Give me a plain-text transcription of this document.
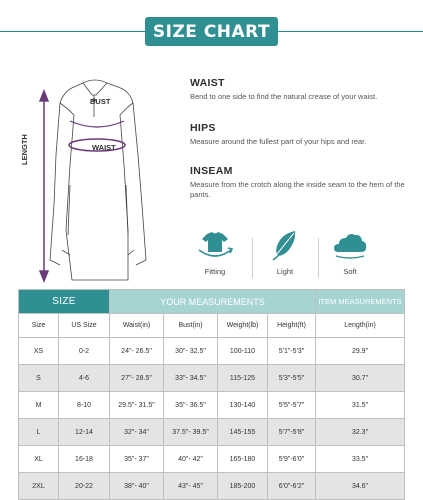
SIZE CHART
BUST
WAIST
LENGTH
WAIST
Bend to one side to find the natural crease of your waist.
HIPS
Measure around the fullest part of your hips and rear.
INSEAM
Measure from the crotch along the inside seam to the hem of the pants.
Fitting	Light	Soft
SIZE		YOUR MEASUREMENTS				ITEM MEASUREMENTS
Size	US Size	Waist(in)	Bust(in)	Weight(lb)	Height(ft)	Length(in)
XS	0-2	24"- 26.5"	30"- 32.5"	100-110	5'1"-5'3"	29.9"
S	4-6	27"- 28.5"	33"- 34.5"	115-125	5'3"-5'5"	30.7"
M	8-10	29.5"- 31.5"	35"- 36.5"	130-140	5'5"-5'7"	31.5"
L	12-14	32"- 34"	37.5"- 39.5"	145-155	5'7"-5'8"	32.3"
XL	16-18	35"- 37"	40"- 42"	165-180	5'9"-6'0"	33.5"
2XL	20-22	38"- 40"	43"- 45"	185-200	6'0"-6'2"	34.6"
